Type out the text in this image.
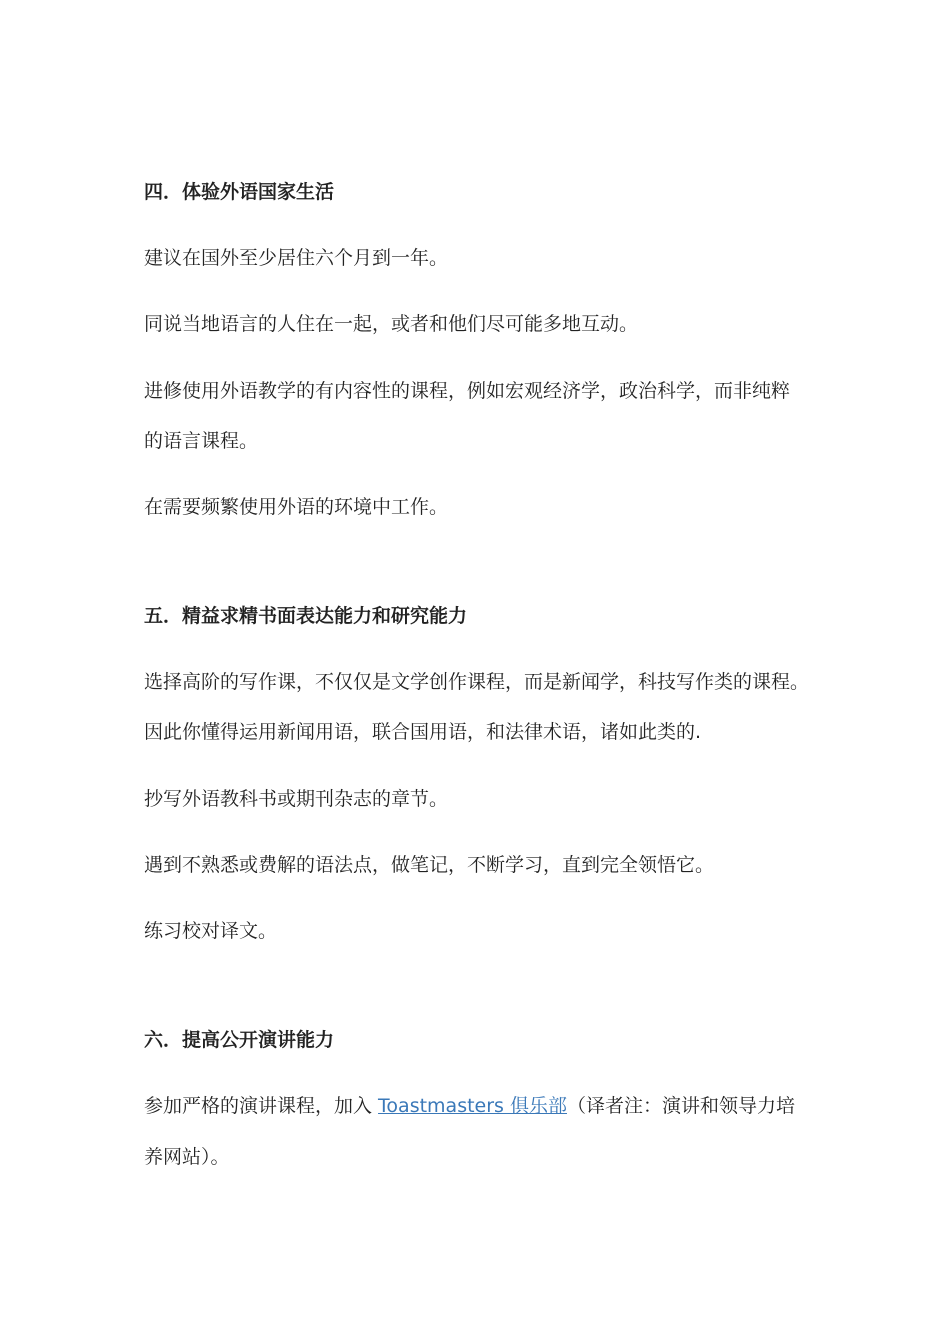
四．体验外语国家生活
建议在国外至少居住六个月到一年。
同说当地语言的人住在一起，或者和他们尽可能多地互动。
进修使用外语教学的有内容性的课程，例如宏观经济学，政治科学，而非纯粹
的语言课程。
在需要频繁使用外语的环境中工作。
五．精益求精书面表达能力和研究能力
选择高阶的写作课，不仅仅是文学创作课程，而是新闻学，科技写作类的课程。
因此你懂得运用新闻用语，联合国用语，和法律术语，诸如此类的.
抄写外语教科书或期刊杂志的章节。
遇到不熟悉或费解的语法点，做笔记，不断学习，直到完全领悟它。
练习校对译文。
六．提高公开演讲能力
参加严格的演讲课程，加入 Toastmasters 俱乐部（译者注：演讲和领导力培
养网站）。
